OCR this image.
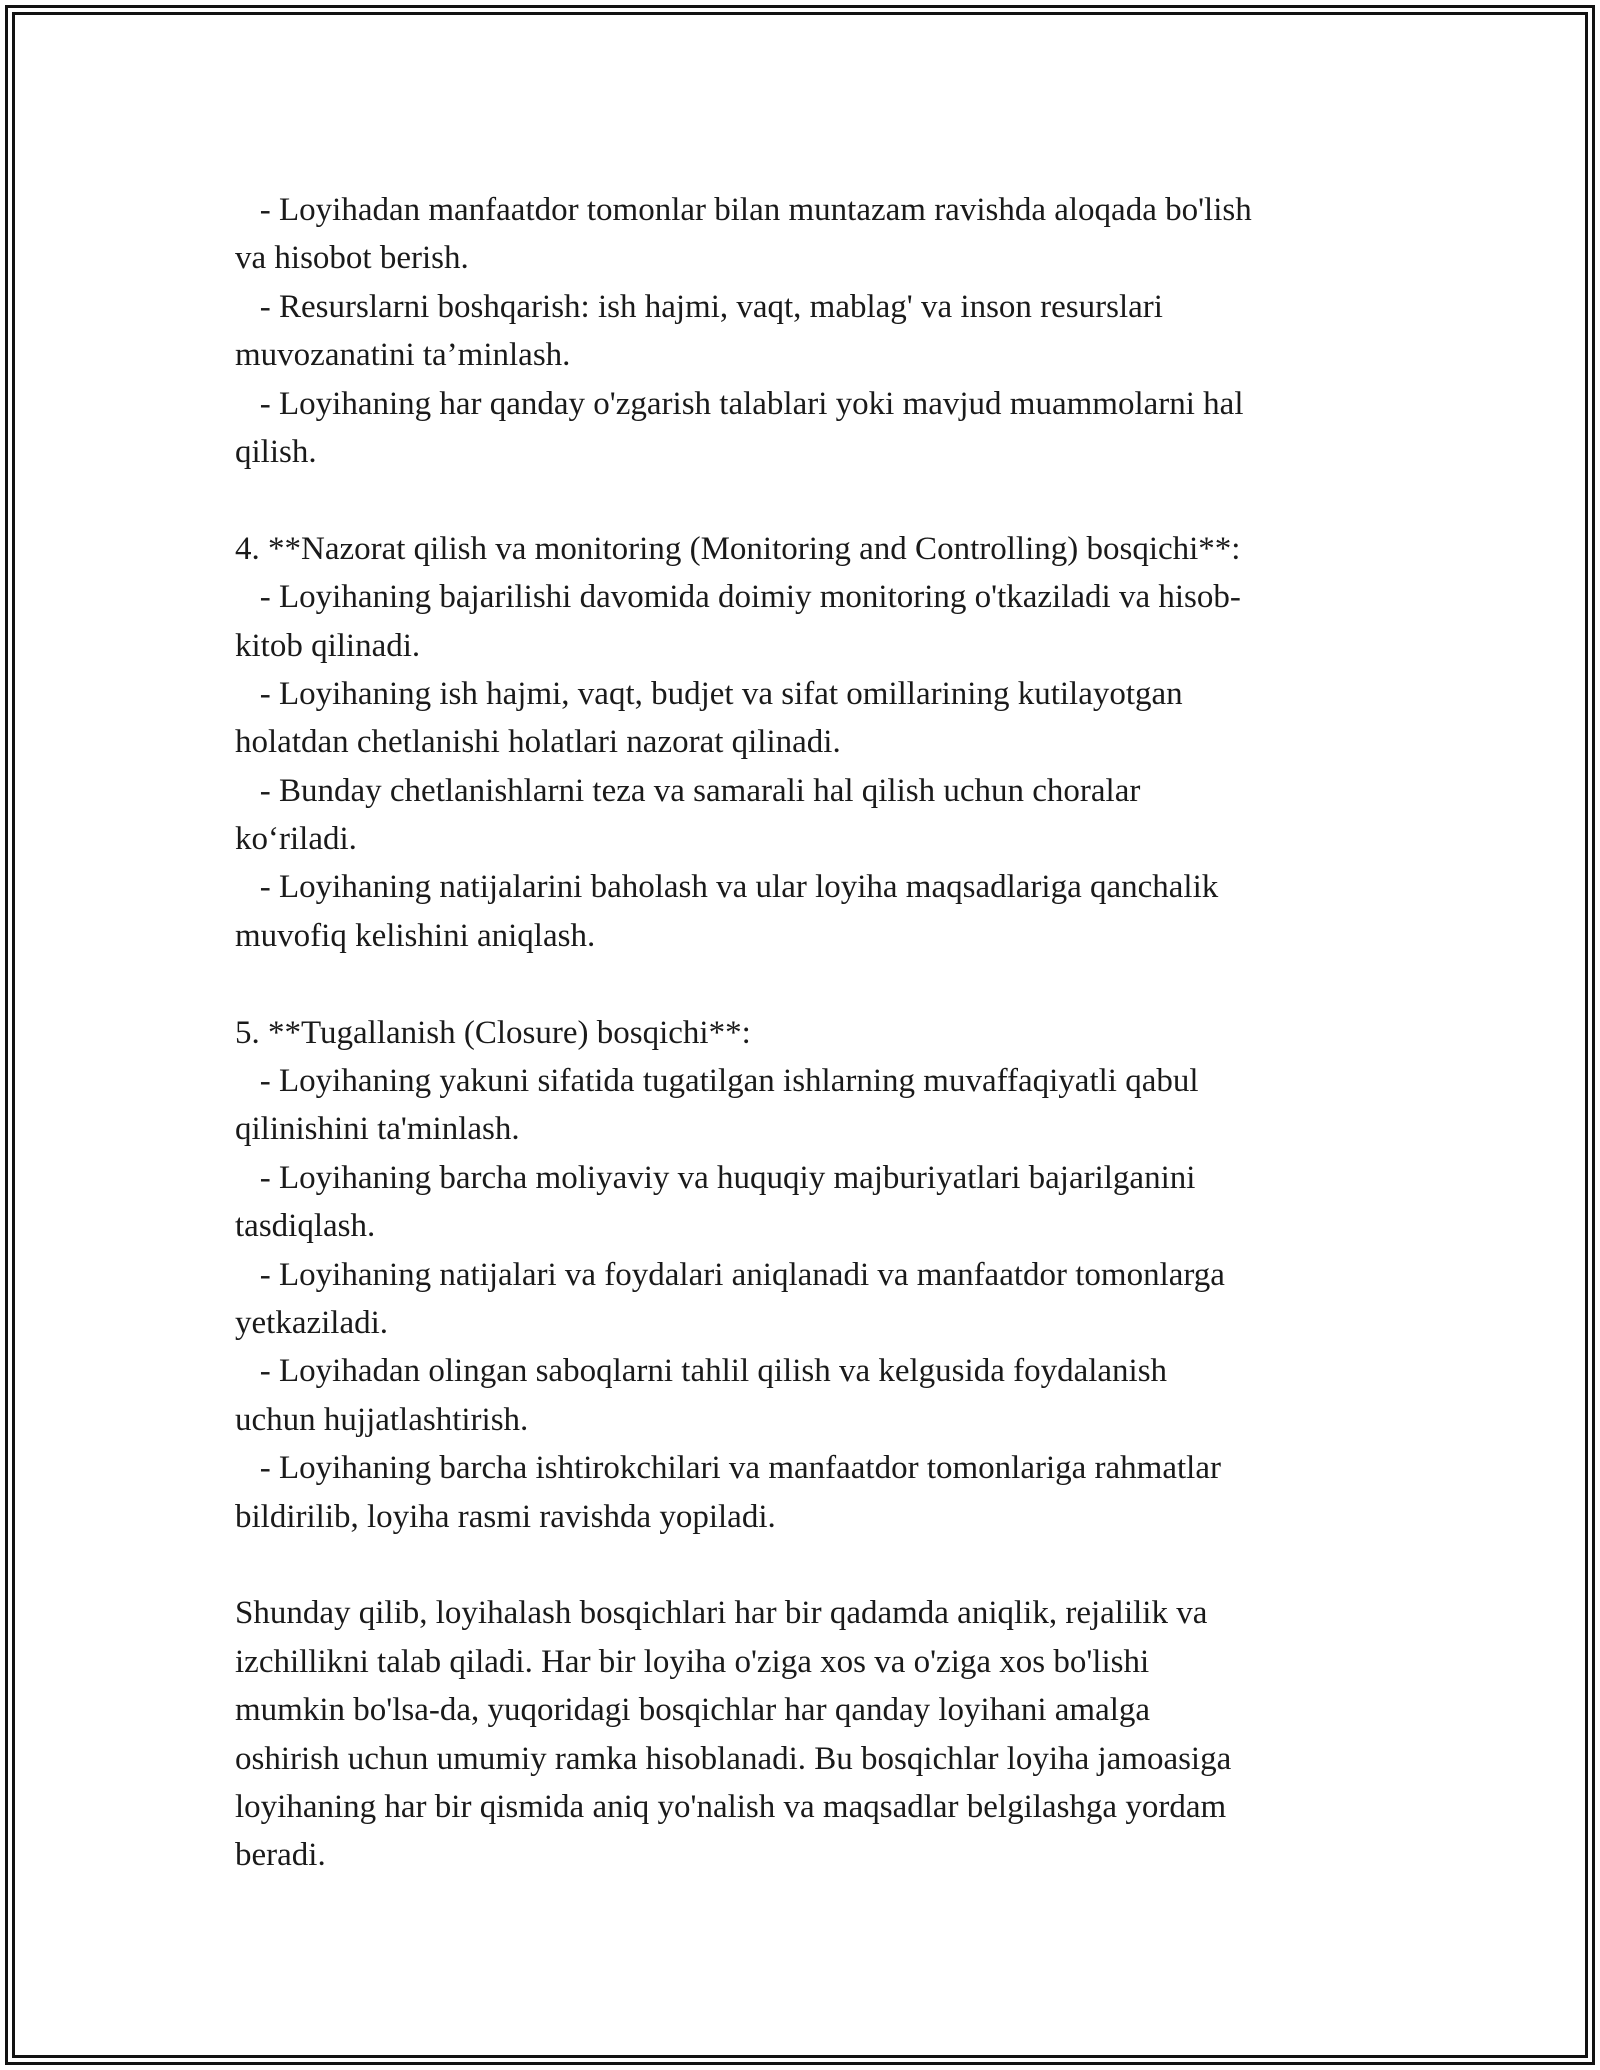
- Loyihadan manfaatdor tomonlar bilan muntazam ravishda aloqada bo'lish
va hisobot berish.
- Resurslarni boshqarish: ish hajmi, vaqt, mablag' va inson resurslari
muvozanatini ta’minlash.
- Loyihaning har qanday o'zgarish talablari yoki mavjud muammolarni hal
qilish.
4. **Nazorat qilish va monitoring (Monitoring and Controlling) bosqichi**:
- Loyihaning bajarilishi davomida doimiy monitoring o'tkaziladi va hisob-
kitob qilinadi.
- Loyihaning ish hajmi, vaqt, budjet va sifat omillarining kutilayotgan
holatdan chetlanishi holatlari nazorat qilinadi.
- Bunday chetlanishlarni teza va samarali hal qilish uchun choralar
ko‘riladi.
- Loyihaning natijalarini baholash va ular loyiha maqsadlariga qanchalik
muvofiq kelishini aniqlash.
5. **Tugallanish (Closure) bosqichi**:
- Loyihaning yakuni sifatida tugatilgan ishlarning muvaffaqiyatli qabul
qilinishini ta'minlash.
- Loyihaning barcha moliyaviy va huquqiy majburiyatlari bajarilganini
tasdiqlash.
- Loyihaning natijalari va foydalari aniqlanadi va manfaatdor tomonlarga
yetkaziladi.
- Loyihadan olingan saboqlarni tahlil qilish va kelgusida foydalanish
uchun hujjatlashtirish.
- Loyihaning barcha ishtirokchilari va manfaatdor tomonlariga rahmatlar
bildirilib, loyiha rasmi ravishda yopiladi.
Shunday qilib, loyihalash bosqichlari har bir qadamda aniqlik, rejalilik va
izchillikni talab qiladi. Har bir loyiha o'ziga xos va o'ziga xos bo'lishi
mumkin bo'lsa-da, yuqoridagi bosqichlar har qanday loyihani amalga
oshirish uchun umumiy ramka hisoblanadi. Bu bosqichlar loyiha jamoasiga
loyihaning har bir qismida aniq yo'nalish va maqsadlar belgilashga yordam
beradi.
